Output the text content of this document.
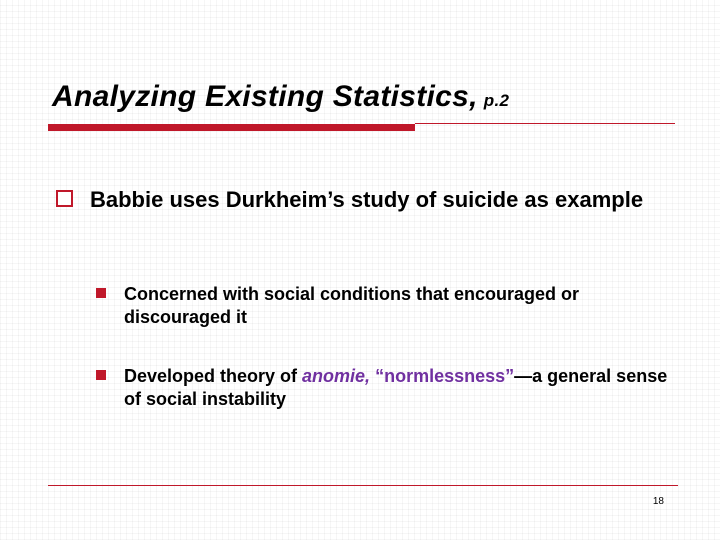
Analyzing Existing Statistics, p.2
Babbie uses Durkheim’s study of suicide as example
Concerned with social conditions that encouraged or discouraged it
Developed theory of anomie, “normlessness”—a general sense of social instability
18
